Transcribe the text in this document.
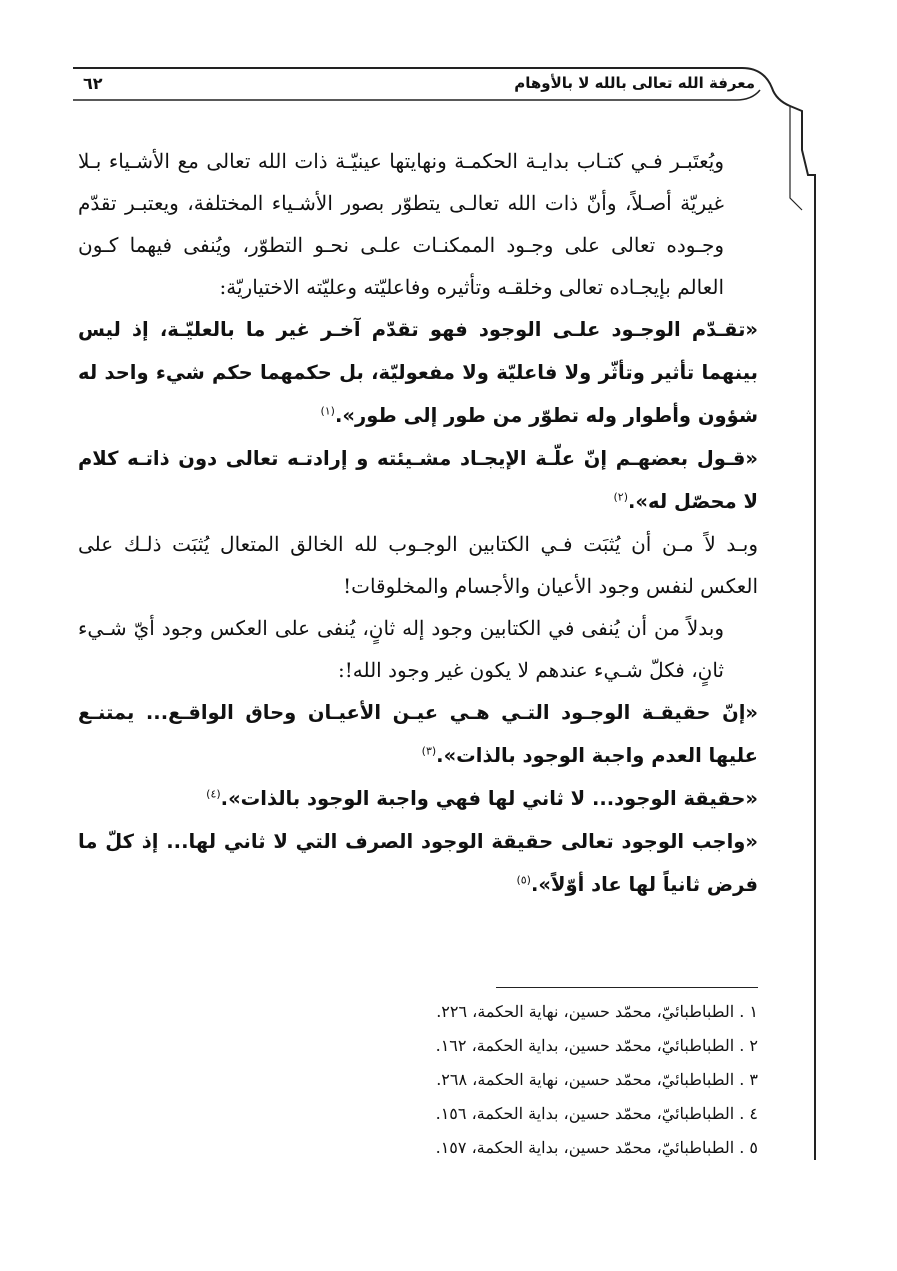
معرفة الله تعالى بالله لا بالأوهام
٦٢

ويُعتَبـر فـي كتـاب بدايـة الحكمـة ونهايتها عينيّـة ذات الله تعالى مع الأشـياء بـلا غيريّة أصـلاً، وأنّ ذات الله تعالـى يتطوّر بصور الأشـياء المختلفة، ويعتبـر تقدّم وجـوده تعالى على وجـود الممكنـات علـى نحـو التطوّر، ويُنفى فيهما كـون العالم بإيجـاده تعالى وخلقـه وتأثيره وفاعليّته وعليّته الاختياريّة:

«تقـدّم الوجـود علـى الوجود فهو تقدّم آخـر غير ما بالعليّـة، إذ ليس بينهما تأثير وتأثّر ولا فاعليّة ولا مفعوليّة، بل حكمهما حكم شيء واحد له شؤون وأطوار وله تطوّر من طور إلى طور».$^{(١)}$

«قـول بعضهـم إنّ علّـة الإيجـاد مشـيئته و إرادتـه تعالى دون ذاتـه كلام لا محصّل له».$^{(٢)}$

وبـد لاً مـن أن يُثبَت فـي الكتابين الوجـوب لله الخالق المتعال يُثبَت ذلـك على العكس لنفس وجود الأعيان والأجسام والمخلوقات!

وبدلاً من أن يُنفى في الكتابين وجود إله ثانٍ، يُنفى على العكس وجود أيّ شـيء ثانٍ، فكلّ شـيء عندهم لا يكون غير وجود الله!:

«إنّ حقيقـة الوجـود التـي هـي عيـن الأعيـان وحاق الواقـع... يمتنـع عليها العدم واجبة الوجود بالذات».$^{(٣)}$

«حقيقة الوجود... لا ثاني لها فهي واجبة الوجود بالذات».$^{(٤)}$

«واجب الوجود تعالى حقيقة الوجود الصرف التي لا ثاني لها... إذ كلّ ما فرض ثانياً لها عاد أوّلاً».$^{(٥)}$

١ . الطباطبائيّ، محمّد حسين، نهاية الحكمة، ٢٢٦.

٢ . الطباطبائيّ، محمّد حسين، بداية الحكمة، ١٦٢.

٣ . الطباطبائيّ، محمّد حسين، نهاية الحكمة، ٢٦٨.

٤ . الطباطبائيّ، محمّد حسين، بداية الحكمة، ١٥٦.

٥ . الطباطبائيّ، محمّد حسين، بداية الحكمة، ١٥٧.
